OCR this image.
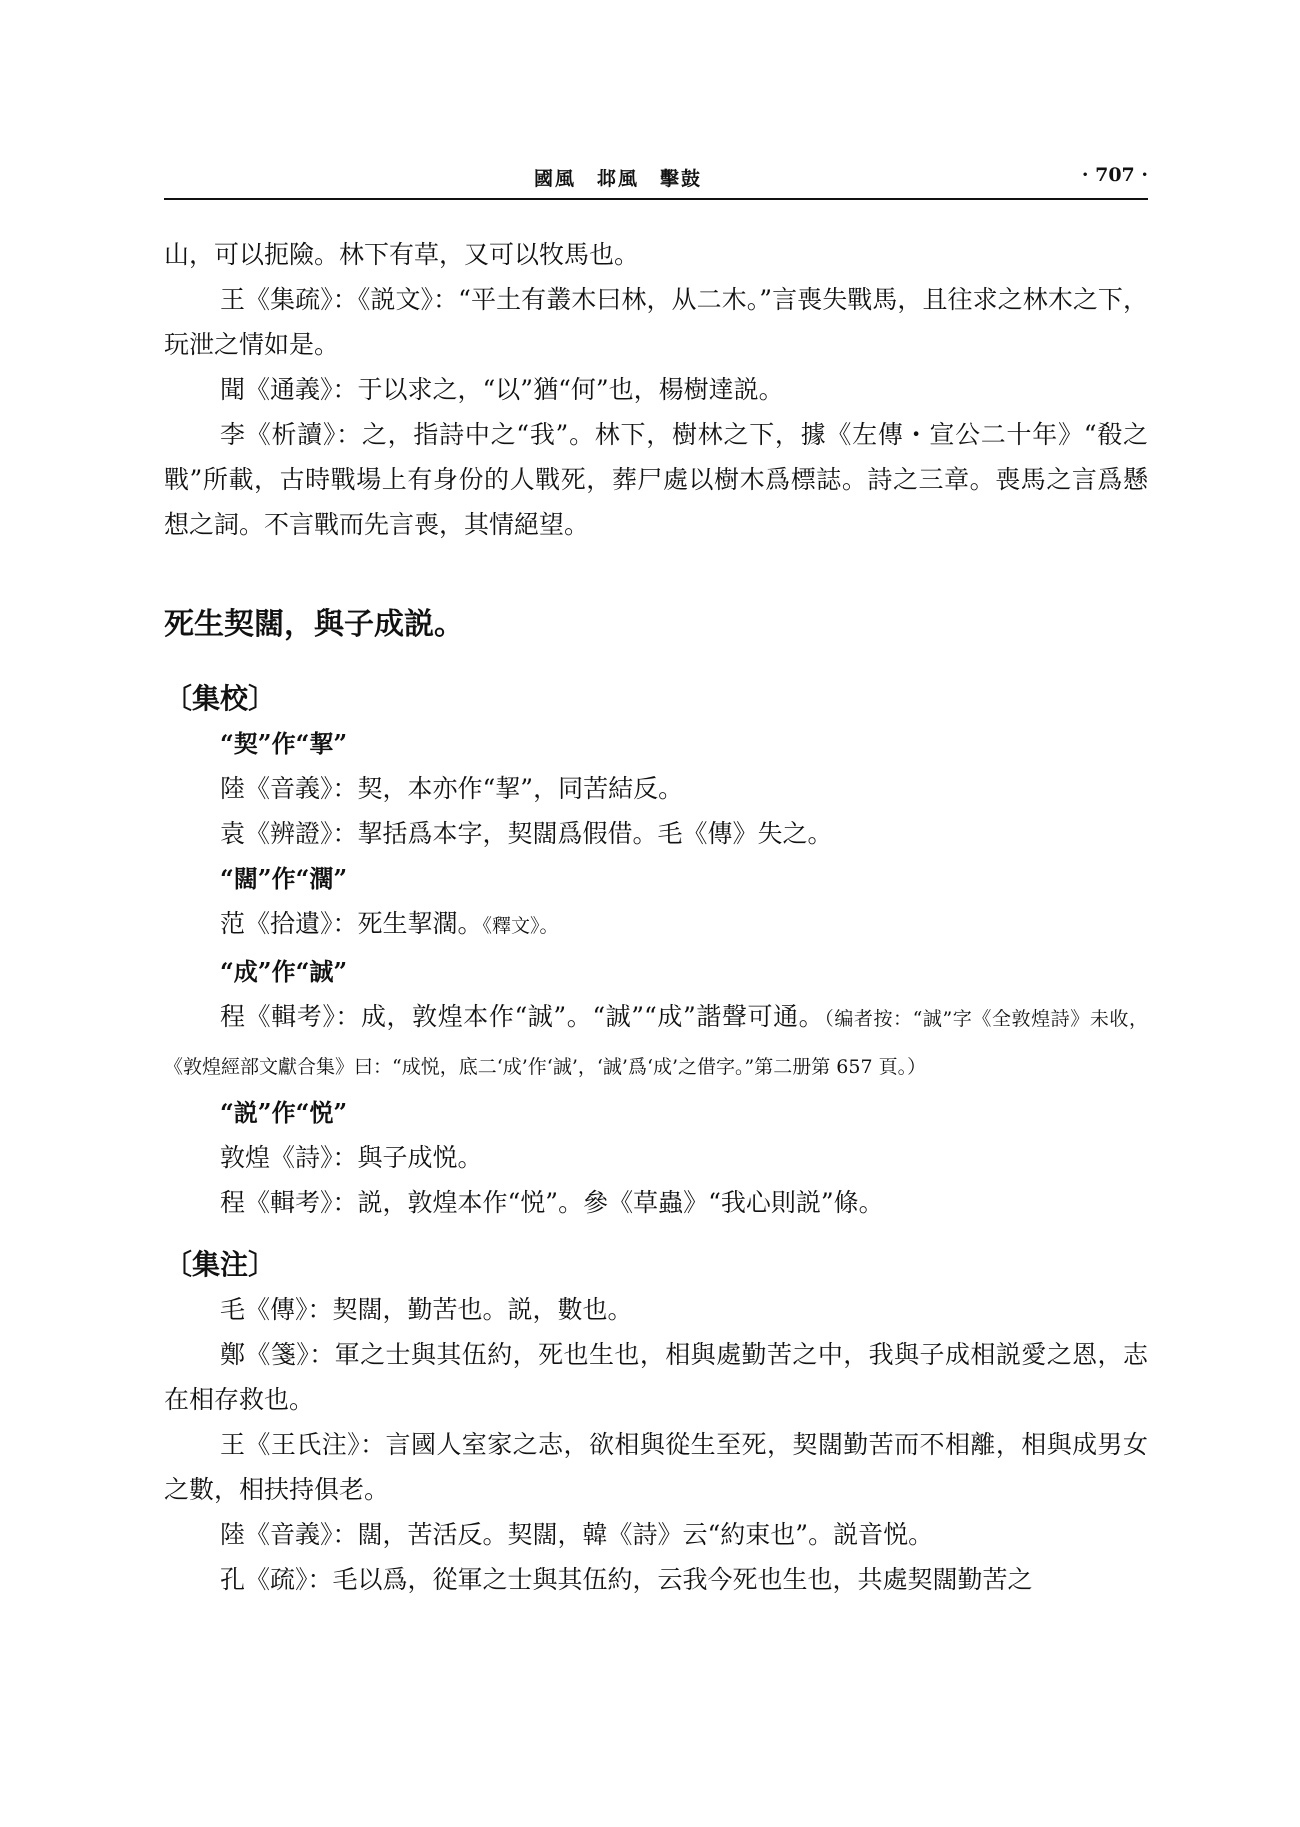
國風　邶風　擊鼓	· 707 ·

山，可以扼險。林下有草，又可以牧馬也。

王《集疏》：《説文》：“平土有叢木曰林，从二木。”言喪失戰馬，且往求之林木之下，玩泄之情如是。

聞《通義》：于以求之，“以”猶“何”也，楊樹達説。

李《析讀》：之，指詩中之“我”。林下，樹林之下，據《左傳・宣公二十年》“殽之戰”所載，古時戰場上有身份的人戰死，葬尸處以樹木爲標誌。詩之三章。喪馬之言爲懸想之詞。不言戰而先言喪，其情絕望。

死生契闊，與子成説。

〔集校〕

“契”作“挈”

陸《音義》：契，本亦作“挈”，同苦結反。

袁《辨證》：挈括爲本字，契闊爲假借。毛《傳》失之。

“闊”作“濶”

范《拾遺》：死生挈濶。《釋文》。

“成”作“誠”

程《輯考》：成，敦煌本作“誠”。“誠”“成”諧聲可通。（编者按：“誠”字《全敦煌詩》未收，《敦煌經部文獻合集》曰：“成悦，底二‘成’作‘誠’，‘誠’爲‘成’之借字。”第二册第 657 頁。）

“説”作“悦”

敦煌《詩》：與子成悦。

程《輯考》：説，敦煌本作“悦”。參《草蟲》“我心則説”條。

〔集注〕

毛《傳》：契闊，勤苦也。説，數也。

鄭《箋》：軍之士與其伍約，死也生也，相與處勤苦之中，我與子成相説愛之恩，志在相存救也。

王《王氏注》：言國人室家之志，欲相與從生至死，契闊勤苦而不相離，相與成男女之數，相扶持俱老。

陸《音義》：闊，苦活反。契闊，韓《詩》云“約束也”。説音悦。

孔《疏》：毛以爲，從軍之士與其伍約，云我今死也生也，共處契闊勤苦之
